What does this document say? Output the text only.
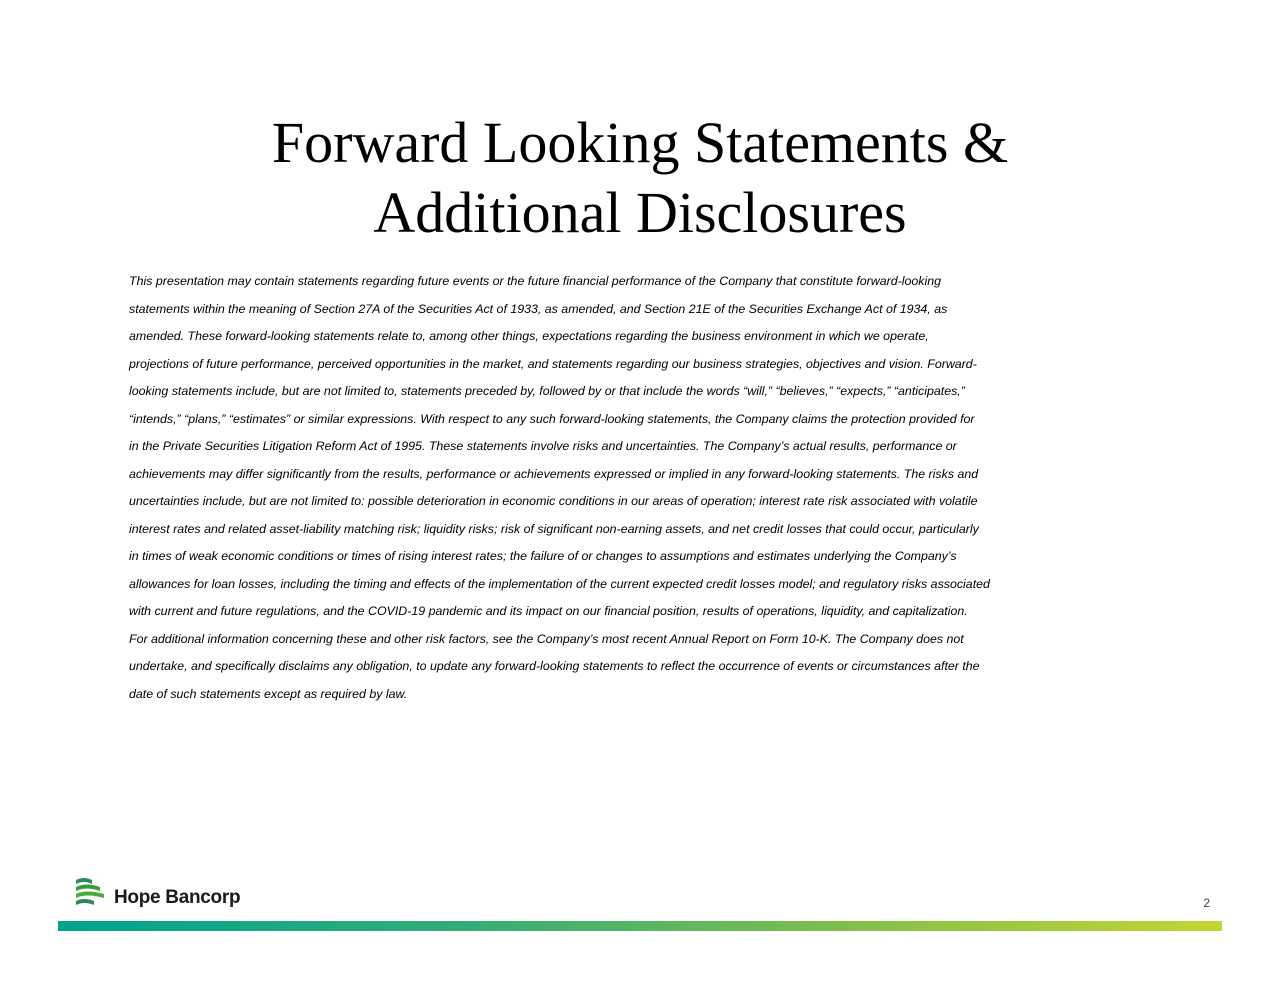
Forward Looking Statements &
Additional Disclosures
This presentation may contain statements regarding future events or the future financial performance of the Company that constitute forward-looking
statements within the meaning of Section 27A of the Securities Act of 1933, as amended, and Section 21E of the Securities Exchange Act of 1934, as
amended. These forward-looking statements relate to, among other things, expectations regarding the business environment in which we operate,
projections of future performance, perceived opportunities in the market, and statements regarding our business strategies, objectives and vision. Forward-
looking statements include, but are not limited to, statements preceded by, followed by or that include the words “will,” “believes,” “expects,” “anticipates,”
“intends,” “plans,” “estimates” or similar expressions. With respect to any such forward-looking statements, the Company claims the protection provided for
in the Private Securities Litigation Reform Act of 1995. These statements involve risks and uncertainties. The Company’s actual results, performance or
achievements may differ significantly from the results, performance or achievements expressed or implied in any forward-looking statements. The risks and
uncertainties include, but are not limited to: possible deterioration in economic conditions in our areas of operation; interest rate risk associated with volatile
interest rates and related asset-liability matching risk; liquidity risks; risk of significant non-earning assets, and net credit losses that could occur, particularly
in times of weak economic conditions or times of rising interest rates; the failure of or changes to assumptions and estimates underlying the Company’s
allowances for loan losses, including the timing and effects of the implementation of the current expected credit losses model; and regulatory risks associated
with current and future regulations, and the COVID-19 pandemic and its impact on our financial position, results of operations, liquidity, and capitalization.
For additional information concerning these and other risk factors, see the Company’s most recent Annual Report on Form 10-K. The Company does not
undertake, and specifically disclaims any obligation, to update any forward-looking statements to reflect the occurrence of events or circumstances after the
date of such statements except as required by law.
Hope Bancorp	2
